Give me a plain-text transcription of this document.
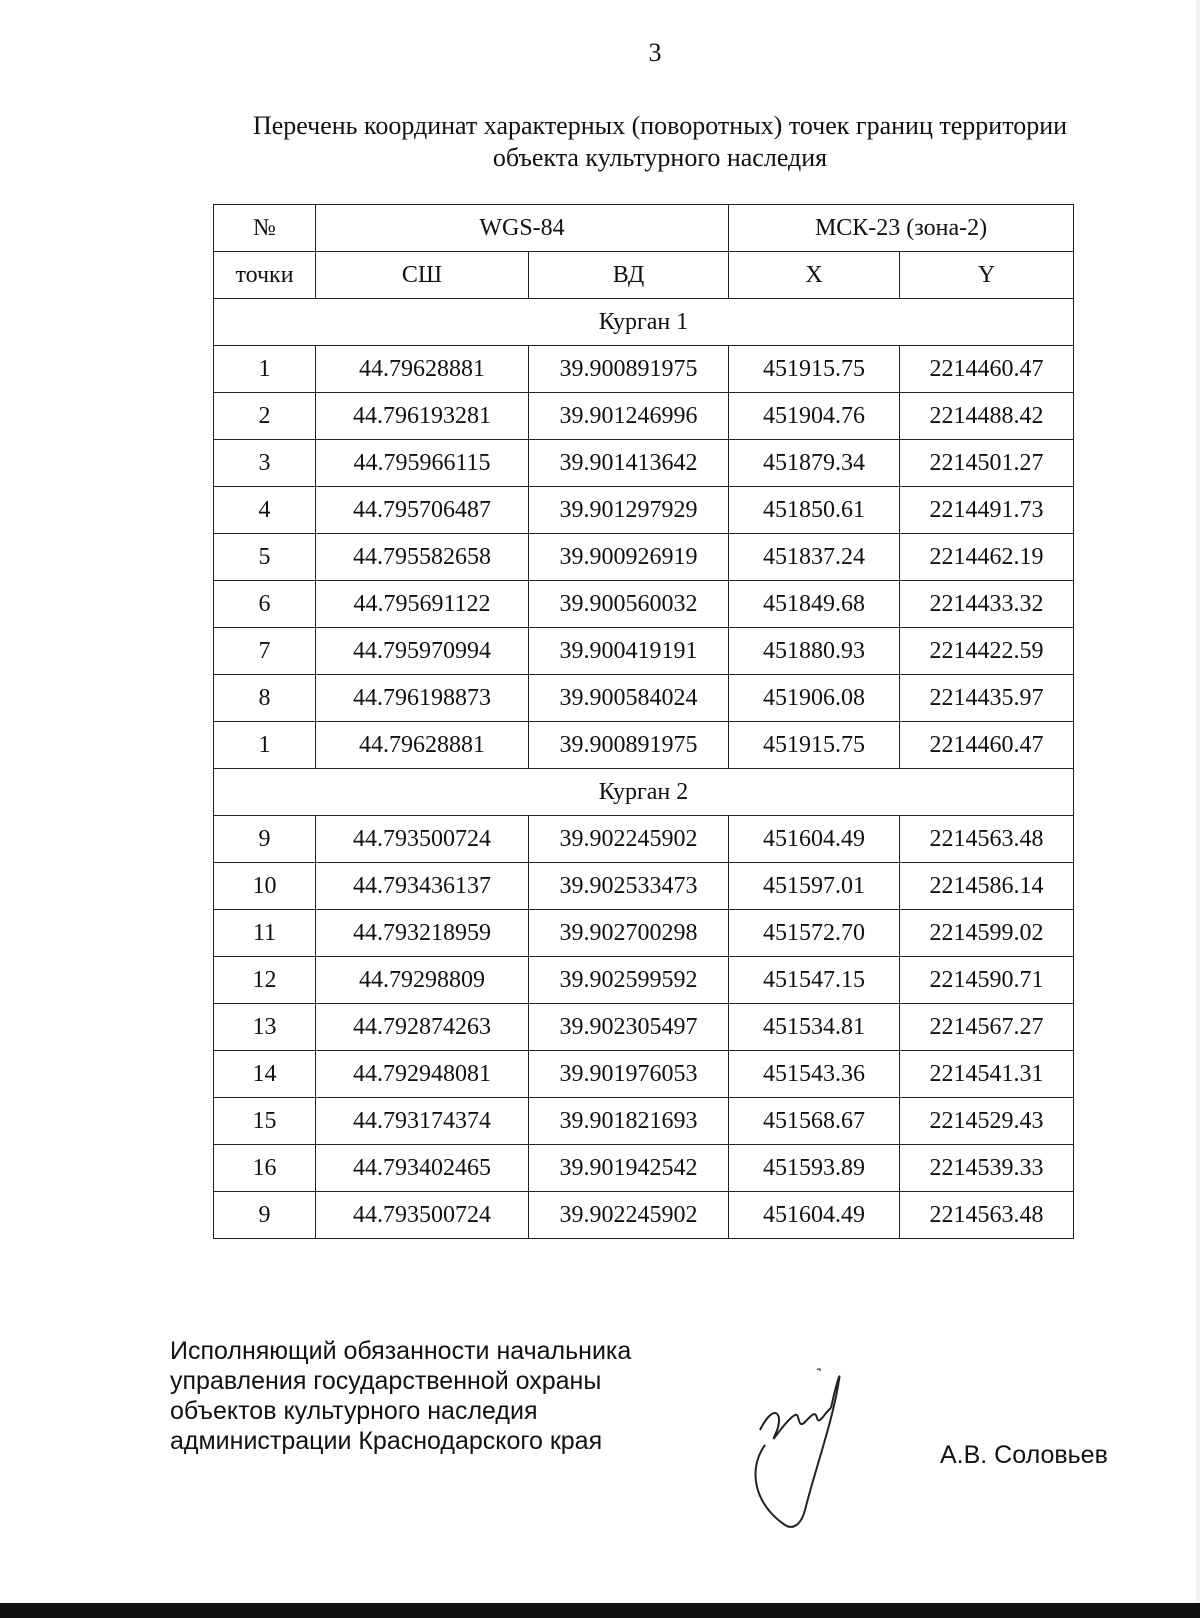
3
Перечень координат характерных (поворотных) точек границ территории
объекта культурного наследия
№	WGS-84		МСК-23 (зона-2)	
точки	СШ	ВД	X	Y
Курган 1				
1	44.79628881	39.900891975	451915.75	2214460.47
2	44.796193281	39.901246996	451904.76	2214488.42
3	44.795966115	39.901413642	451879.34	2214501.27
4	44.795706487	39.901297929	451850.61	2214491.73
5	44.795582658	39.900926919	451837.24	2214462.19
6	44.795691122	39.900560032	451849.68	2214433.32
7	44.795970994	39.900419191	451880.93	2214422.59
8	44.796198873	39.900584024	451906.08	2214435.97
1	44.79628881	39.900891975	451915.75	2214460.47
Курган 2				
9	44.793500724	39.902245902	451604.49	2214563.48
10	44.793436137	39.902533473	451597.01	2214586.14
11	44.793218959	39.902700298	451572.70	2214599.02
12	44.79298809	39.902599592	451547.15	2214590.71
13	44.792874263	39.902305497	451534.81	2214567.27
14	44.792948081	39.901976053	451543.36	2214541.31
15	44.793174374	39.901821693	451568.67	2214529.43
16	44.793402465	39.901942542	451593.89	2214539.33
9	44.793500724	39.902245902	451604.49	2214563.48
Исполняющий обязанности начальника
управления государственной охраны
объектов культурного наследия
администрации Краснодарского края	А.В. Соловьев
